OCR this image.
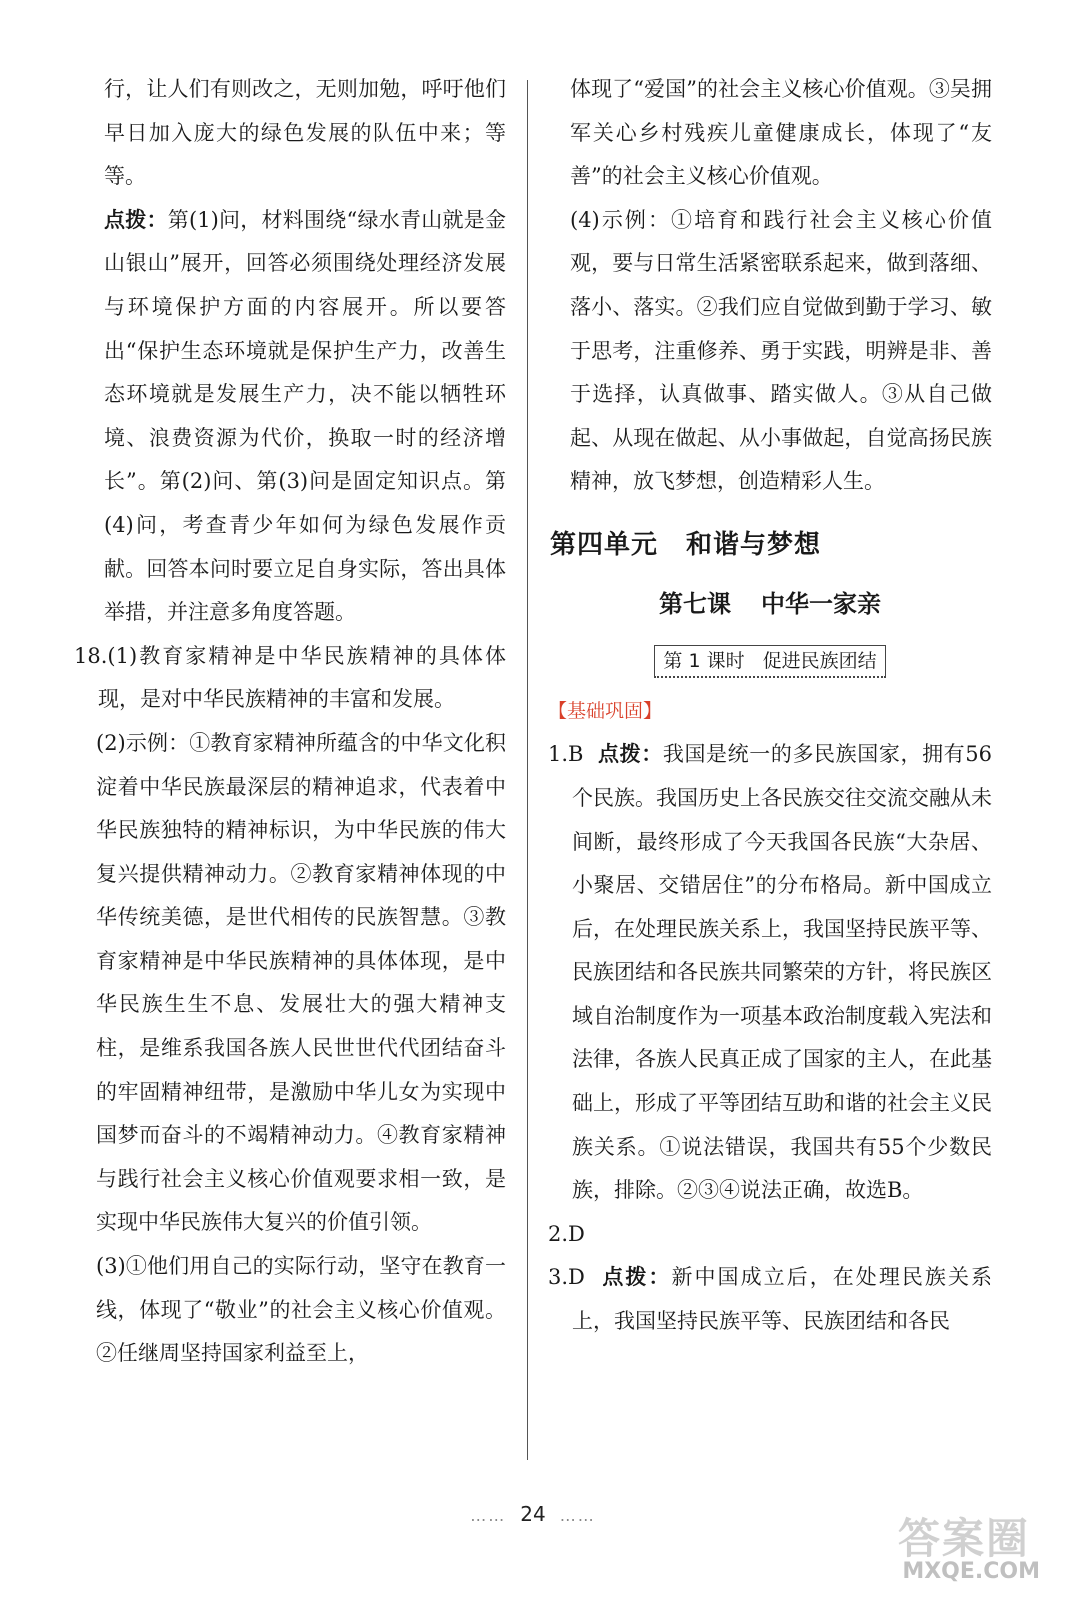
行，让人们有则改之，无则加勉，呼吁他们早日加入庞大的绿色发展的队伍中来；等等。

点拨：第(1)问，材料围绕“绿水青山就是金山银山”展开，回答必须围绕处理经济发展与环境保护方面的内容展开。所以要答出“保护生态环境就是保护生产力，改善生态环境就是发展生产力，决不能以牺牲环境、浪费资源为代价，换取一时的经济增长”。第(2)问、第(3)问是固定知识点。第(4)问，考查青少年如何为绿色发展作贡献。回答本问时要立足自身实际，答出具体举措，并注意多角度答题。

18.(1)教育家精神是中华民族精神的具体体现，是对中华民族精神的丰富和发展。

(2)示例：①教育家精神所蕴含的中华文化积淀着中华民族最深层的精神追求，代表着中华民族独特的精神标识，为中华民族的伟大复兴提供精神动力。②教育家精神体现的中华传统美德，是世代相传的民族智慧。③教育家精神是中华民族精神的具体体现，是中华民族生生不息、发展壮大的强大精神支柱，是维系我国各族人民世世代代团结奋斗的牢固精神纽带，是激励中华儿女为实现中国梦而奋斗的不竭精神动力。④教育家精神与践行社会主义核心价值观要求相一致，是实现中华民族伟大复兴的价值引领。

(3)①他们用自己的实际行动，坚守在教育一线，体现了“敬业”的社会主义核心价值观。②任继周坚持国家利益至上，

体现了“爱国”的社会主义核心价值观。③吴拥军关心乡村残疾儿童健康成长，体现了“友善”的社会主义核心价值观。

(4)示例：①培育和践行社会主义核心价值观，要与日常生活紧密联系起来，做到落细、落小、落实。②我们应自觉做到勤于学习、敏于思考，注重修养、勇于实践，明辨是非、善于选择，认真做事、踏实做人。③从自己做起、从现在做起、从小事做起，自觉高扬民族精神，放飞梦想，创造精彩人生。

第四单元 和谐与梦想
第七课 中华一家亲
第 1 课时 促进民族团结

【基础巩固】

1.B 点拨：我国是统一的多民族国家，拥有56个民族。我国历史上各民族交往交流交融从未间断，最终形成了今天我国各民族“大杂居、小聚居、交错居住”的分布格局。新中国成立后，在处理民族关系上，我国坚持民族平等、民族团结和各民族共同繁荣的方针，将民族区域自治制度作为一项基本政治制度载入宪法和法律，各族人民真正成了国家的主人，在此基础上，形成了平等团结互助和谐的社会主义民族关系。①说法错误，我国共有55个少数民族，排除。②③④说法正确，故选B。

2.D

3.D 点拨：新中国成立后，在处理民族关系上，我国坚持民族平等、民族团结和各民

…… 24 ……	答案圈
MXQE.COM
